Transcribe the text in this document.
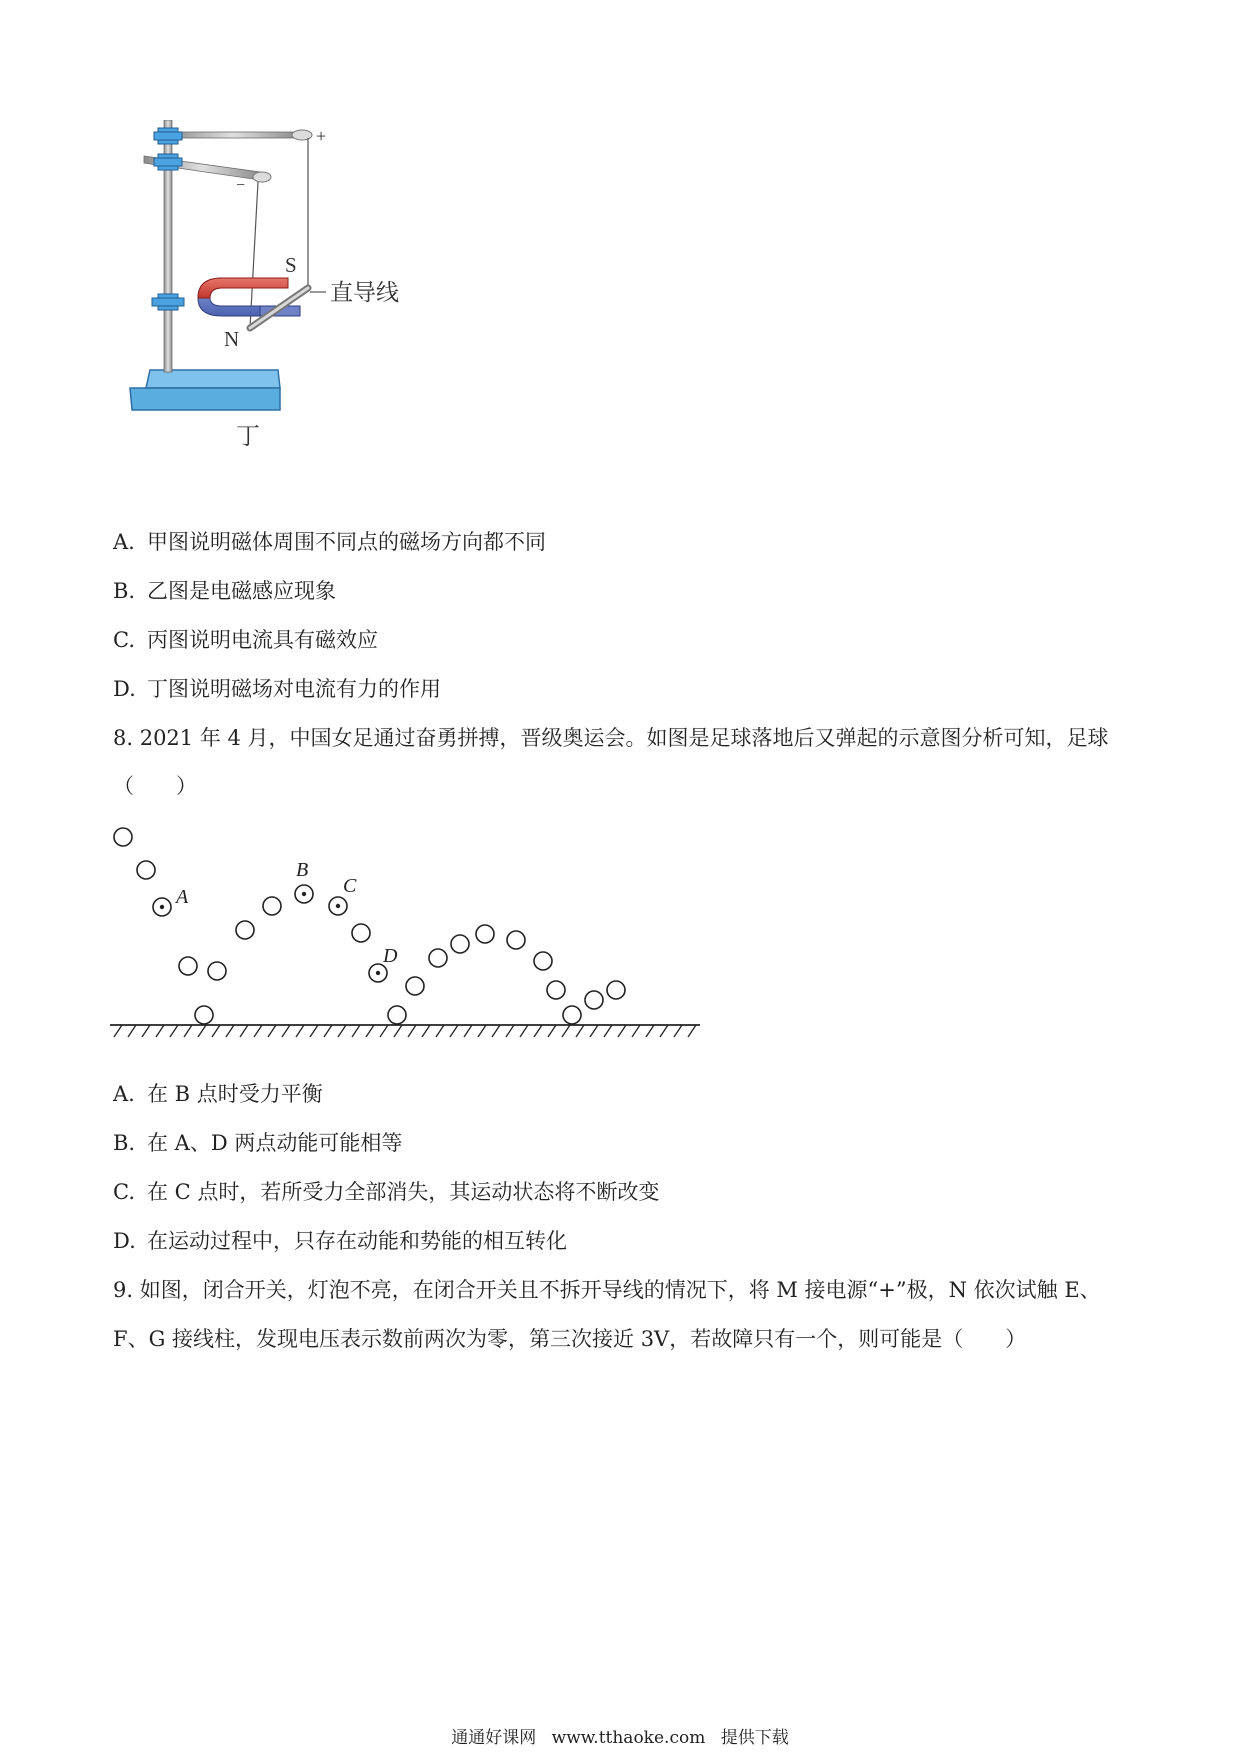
+
−
S
N
直导线
丁
A. 甲图说明磁体周围不同点的磁场方向都不同
B. 乙图是电磁感应现象
C. 丙图说明电流具有磁效应
D. 丁图说明磁场对电流有力的作用
8. 2021 年 4 月，中国女足通过奋勇拼搏，晋级奥运会。如图是足球落地后又弹起的示意图分析可知，足球
（　　）
A
B
C
D
A. 在 B 点时受力平衡
B. 在 A、D 两点动能可能相等
C. 在 C 点时，若所受力全部消失，其运动状态将不断改变
D. 在运动过程中，只存在动能和势能的相互转化
9. 如图，闭合开关，灯泡不亮，在闭合开关且不拆开导线的情况下，将 M 接电源“+”极，N 依次试触 E、
F、G 接线柱，发现电压表示数前两次为零，第三次接近 3V，若故障只有一个，则可能是（　　）
通通好课网 www.tthaoke.com 提供下载
